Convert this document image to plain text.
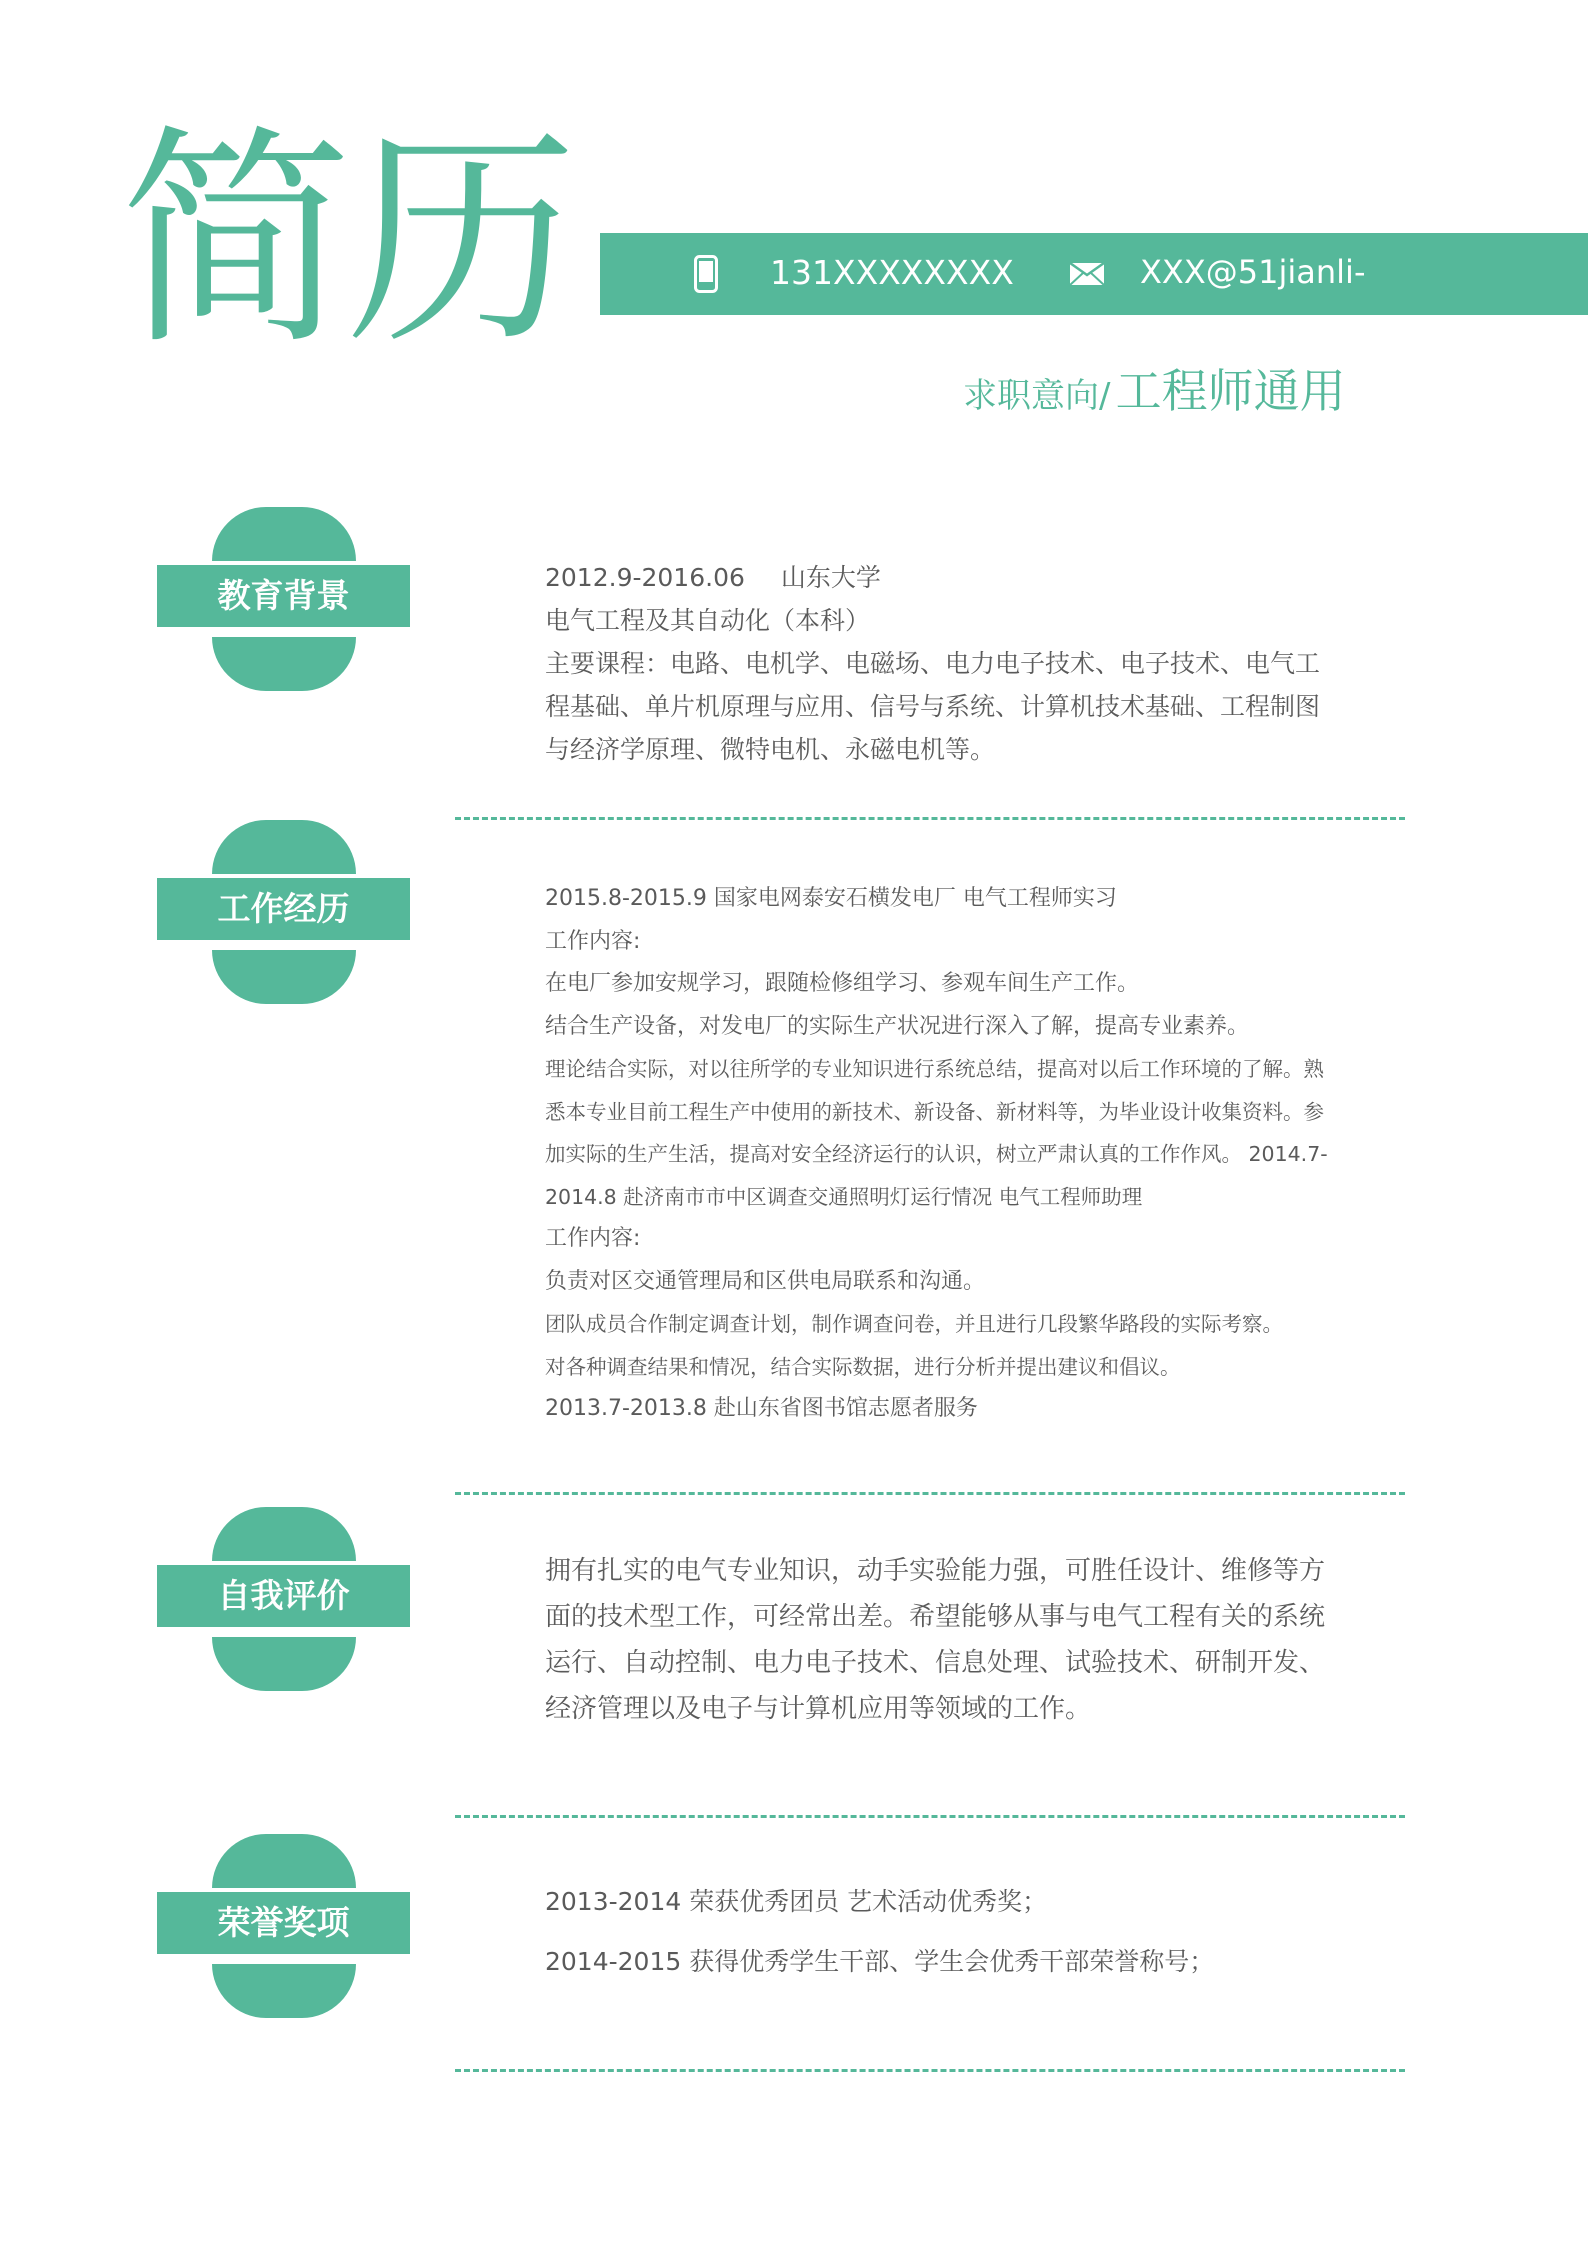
简历	131XXXXXXXX	XXX@51jianli-
求职意向/ 工程师通用
教育背景	2012.9-2016.06 山东大学

电气工程及其自动化（本科）

主要课程：电路、电机学、电磁场、电力电子技术、电子技术、电气工

程基础、单片机原理与应用、信号与系统、计算机技术基础、工程制图

与经济学原理、微特电机、永磁电机等。

工作经历	2015.8-2015.9 国家电网泰安石横发电厂 电气工程师实习

工作内容:

在电厂参加安规学习，跟随检修组学习、参观车间生产工作。

结合生产设备，对发电厂的实际生产状况进行深入了解，提高专业素养。

理论结合实际，对以往所学的专业知识进行系统总结，提高对以后工作环境的了解。熟

悉本专业目前工程生产中使用的新技术、新设备、新材料等，为毕业设计收集资料。参

加实际的生产生活，提高对安全经济运行的认识，树立严肃认真的工作作风。 2014.7-

2014.8 赴济南市市中区调查交通照明灯运行情况 电气工程师助理

工作内容:

负责对区交通管理局和区供电局联系和沟通。

团队成员合作制定调查计划，制作调查问卷，并且进行几段繁华路段的实际考察。

对各种调查结果和情况，结合实际数据，进行分析并提出建议和倡议。

2013.7-2013.8 赴山东省图书馆志愿者服务

自我评价

拥有扎实的电气专业知识，动手实验能力强，可胜任设计、维修等方

面的技术型工作，可经常出差。希望能够从事与电气工程有关的系统

运行、自动控制、电力电子技术、信息处理、试验技术、研制开发、

经济管理以及电子与计算机应用等领域的工作。

荣誉奖项

2013-2014 荣获优秀团员 艺术活动优秀奖；

2014-2015 获得优秀学生干部、学生会优秀干部荣誉称号；
